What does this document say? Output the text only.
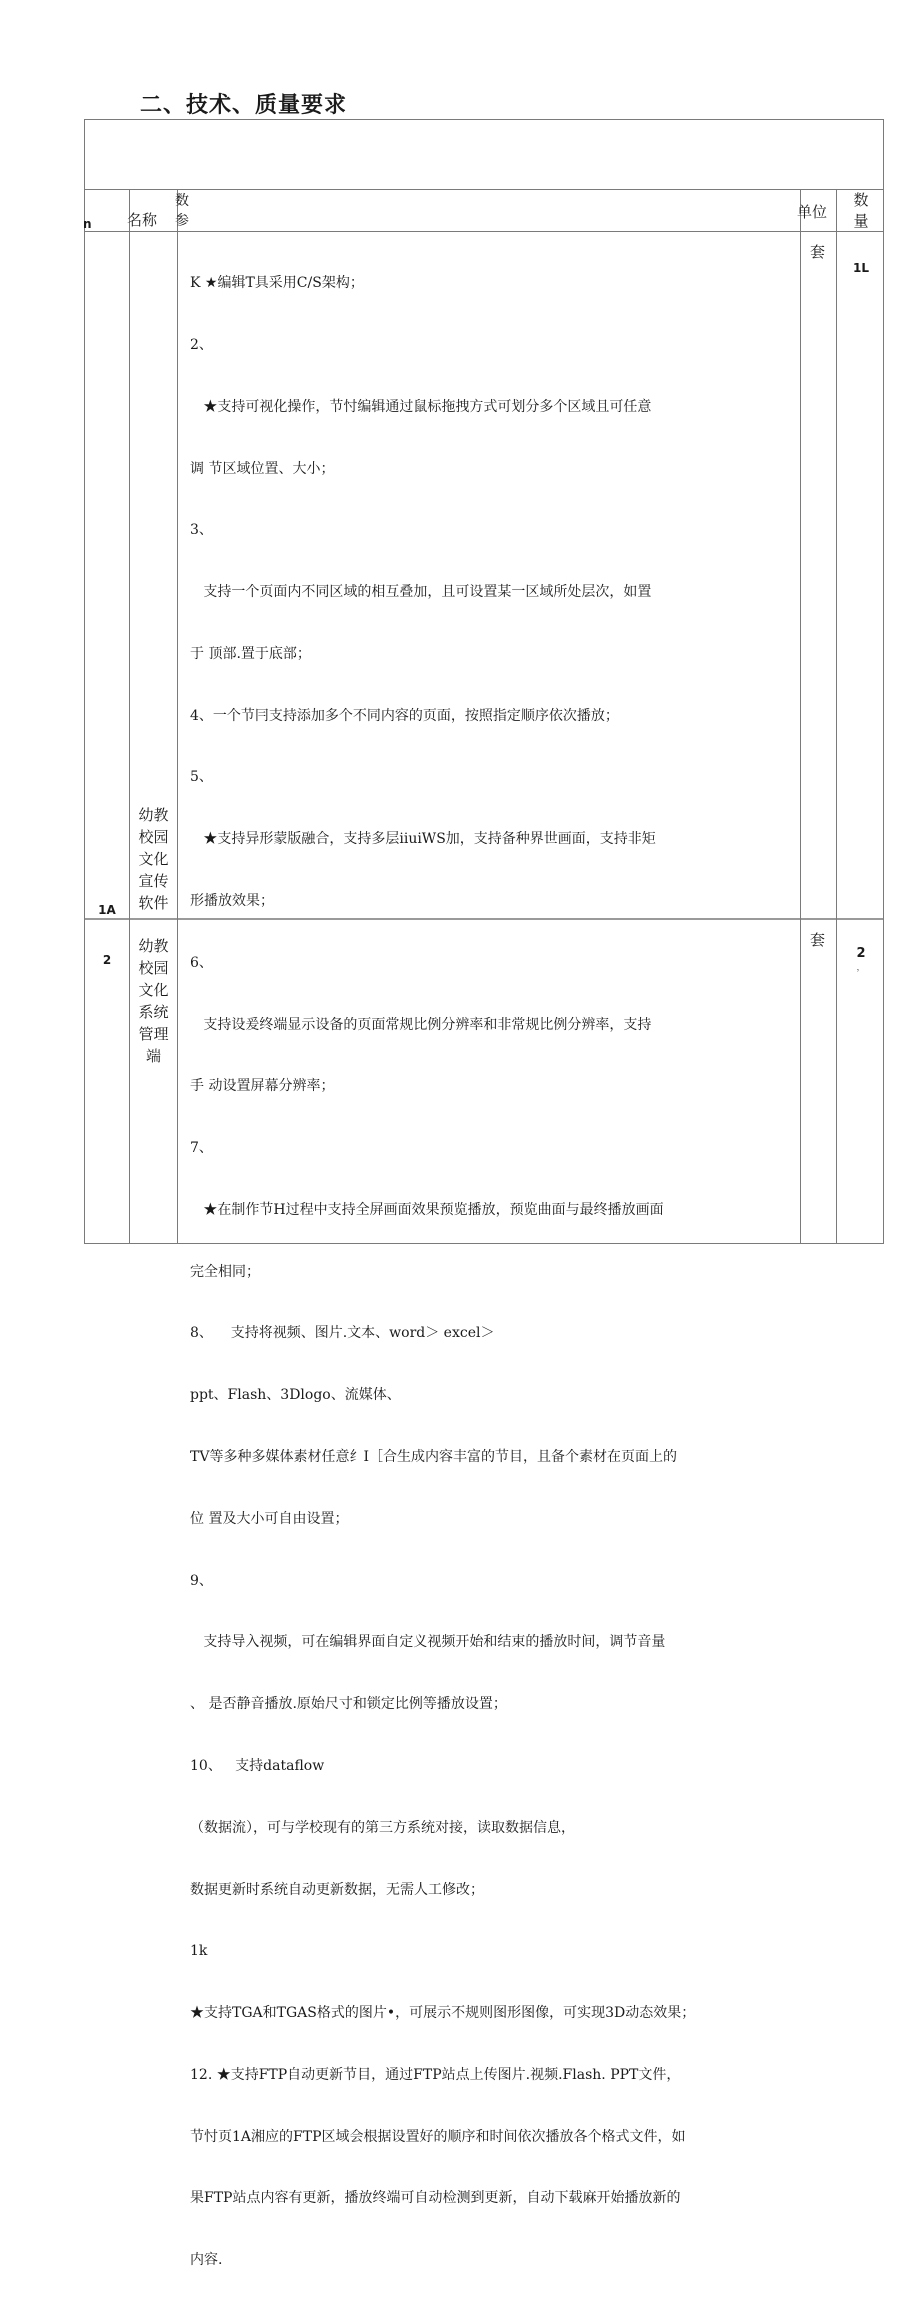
二、技术、质量要求
n 名称
数
参	单位
数
量
1A
幼教
校园
文化
宣传
软件

K ★编辑T具采用C/S架构；

2、

★支持可视化操作，节忖编辑通过鼠标拖拽方式可划分多个区域且可任意

调 节区域位置、大小；

3、

支持一个页面内不同区域的相互叠加，且可设置某一区域所处层次，如置

于 顶部.置于底部；

4、一个节冃支持添加多个不同内容的页面，按照指定顺序依次播放；

5、

★支持异形蒙版融合，支持多层iiuiWS加，支持备种界世画面，支持非矩

形播放效果；

6、

支持设爰终端显示设备的页面常规比例分辨率和非常规比例分辨率，支持

手 动设置屏幕分辨率；

7、

★在制作节H过程中支持全屏画面效果预览播放，预览曲面与最终播放画面

完全相同；

8、    支持将视频、图片.文本、word＞ excel＞

ppt、Flash、3Dlogo、流媒体、

TV等多种多媒体素材任意纟I［合生成内容丰富的节目，且备个素材在页面上的

位 置及大小可自由设置；

9、

支持导入视频，可在编辑界面自定义视频开始和结束的播放时间，调节音量

、 是否静音播放.原始尺寸和锁定比例等播放设置；

10、   支持dataflow

（数据流），可与学校现有的第三方系统对接，读取数据信息，

数据更新时系统自动更新数据，无需人工修改；

1k

★支持TGA和TGAS格式的图片•，可展示不规则图形图像，可实现3D动态效果；

12. ★支持FTP自动更新节目，通过FTP站点上传图片.视频.Flash. PPT文件，

节忖页1A湘应的FTP区域会根据设置好的顺序和时间依次播放各个格式文件，如

果FTP站点内容有更新，播放终端可自动检测到更新，自动下载麻开始播放新的

内容.

套
1L
2
幼教
校园
文化
系统
管理
端
套
2
，
